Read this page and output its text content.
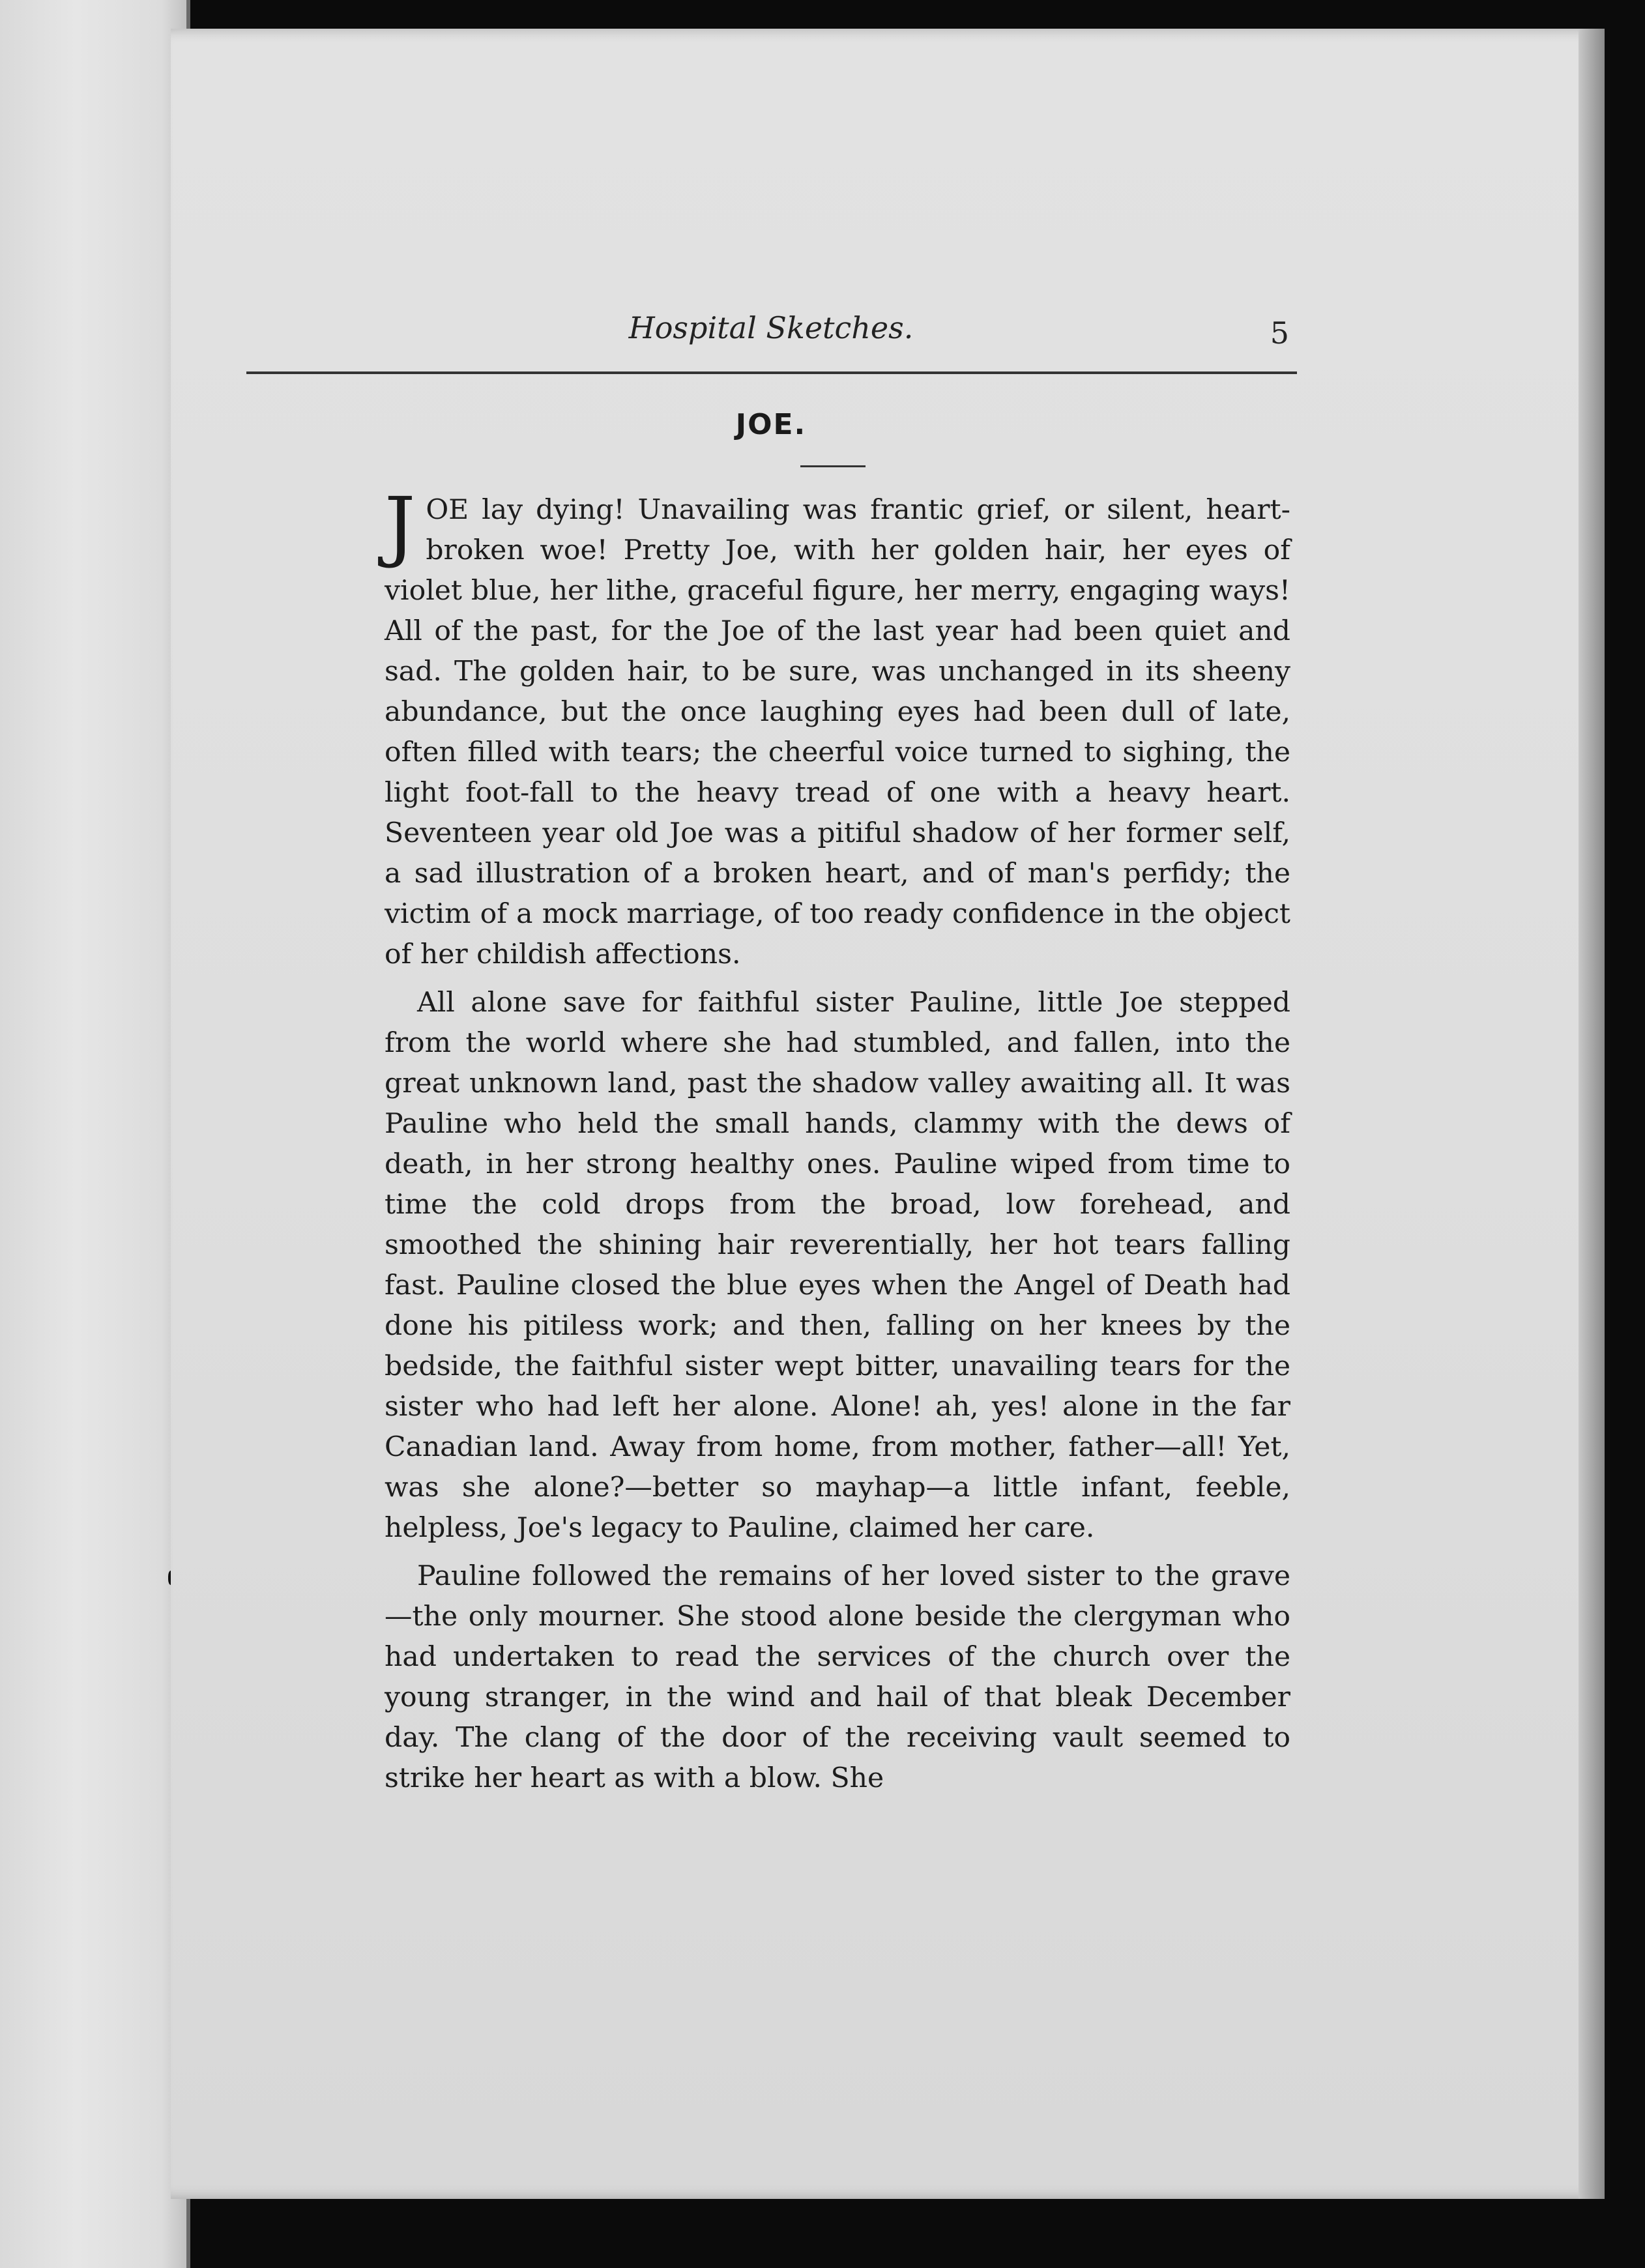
Hospital Sketches.	5
JOE.

JOE lay dying! Unavailing was frantic grief, or silent, heart-broken woe! Pretty Joe, with her golden hair, her eyes of violet blue, her lithe, graceful figure, her merry, engaging ways! All of the past, for the Joe of the last year had been quiet and sad. The golden hair, to be sure, was unchanged in its sheeny abundance, but the once laughing eyes had been dull of late, often filled with tears; the cheerful voice turned to sighing, the light foot-fall to the heavy tread of one with a heavy heart. Seventeen year old Joe was a pitiful shadow of her former self, a sad illustration of a broken heart, and of man's perfidy; the victim of a mock marriage, of too ready confidence in the object of her childish affections.

All alone save for faithful sister Pauline, little Joe stepped from the world where she had stumbled, and fallen, into the great unknown land, past the shadow valley awaiting all. It was Pauline who held the small hands, clammy with the dews of death, in her strong healthy ones. Pauline wiped from time to time the cold drops from the broad, low forehead, and smoothed the shining hair reverentially, her hot tears falling fast. Pauline closed the blue eyes when the Angel of Death had done his pitiless work; and then, falling on her knees by the bedside, the faithful sister wept bitter, unavailing tears for the sister who had left her alone. Alone! ah, yes! alone in the far Canadian land. Away from home, from mother, father—all! Yet, was she alone?—better so mayhap—a little infant, feeble, helpless, Joe's legacy to Pauline, claimed her care.

Pauline followed the remains of her loved sister to the grave—the only mourner. She stood alone beside the clergyman who had undertaken to read the services of the church over the young stranger, in the wind and hail of that bleak December day. The clang of the door of the receiving vault seemed to strike her heart as with a blow. She
